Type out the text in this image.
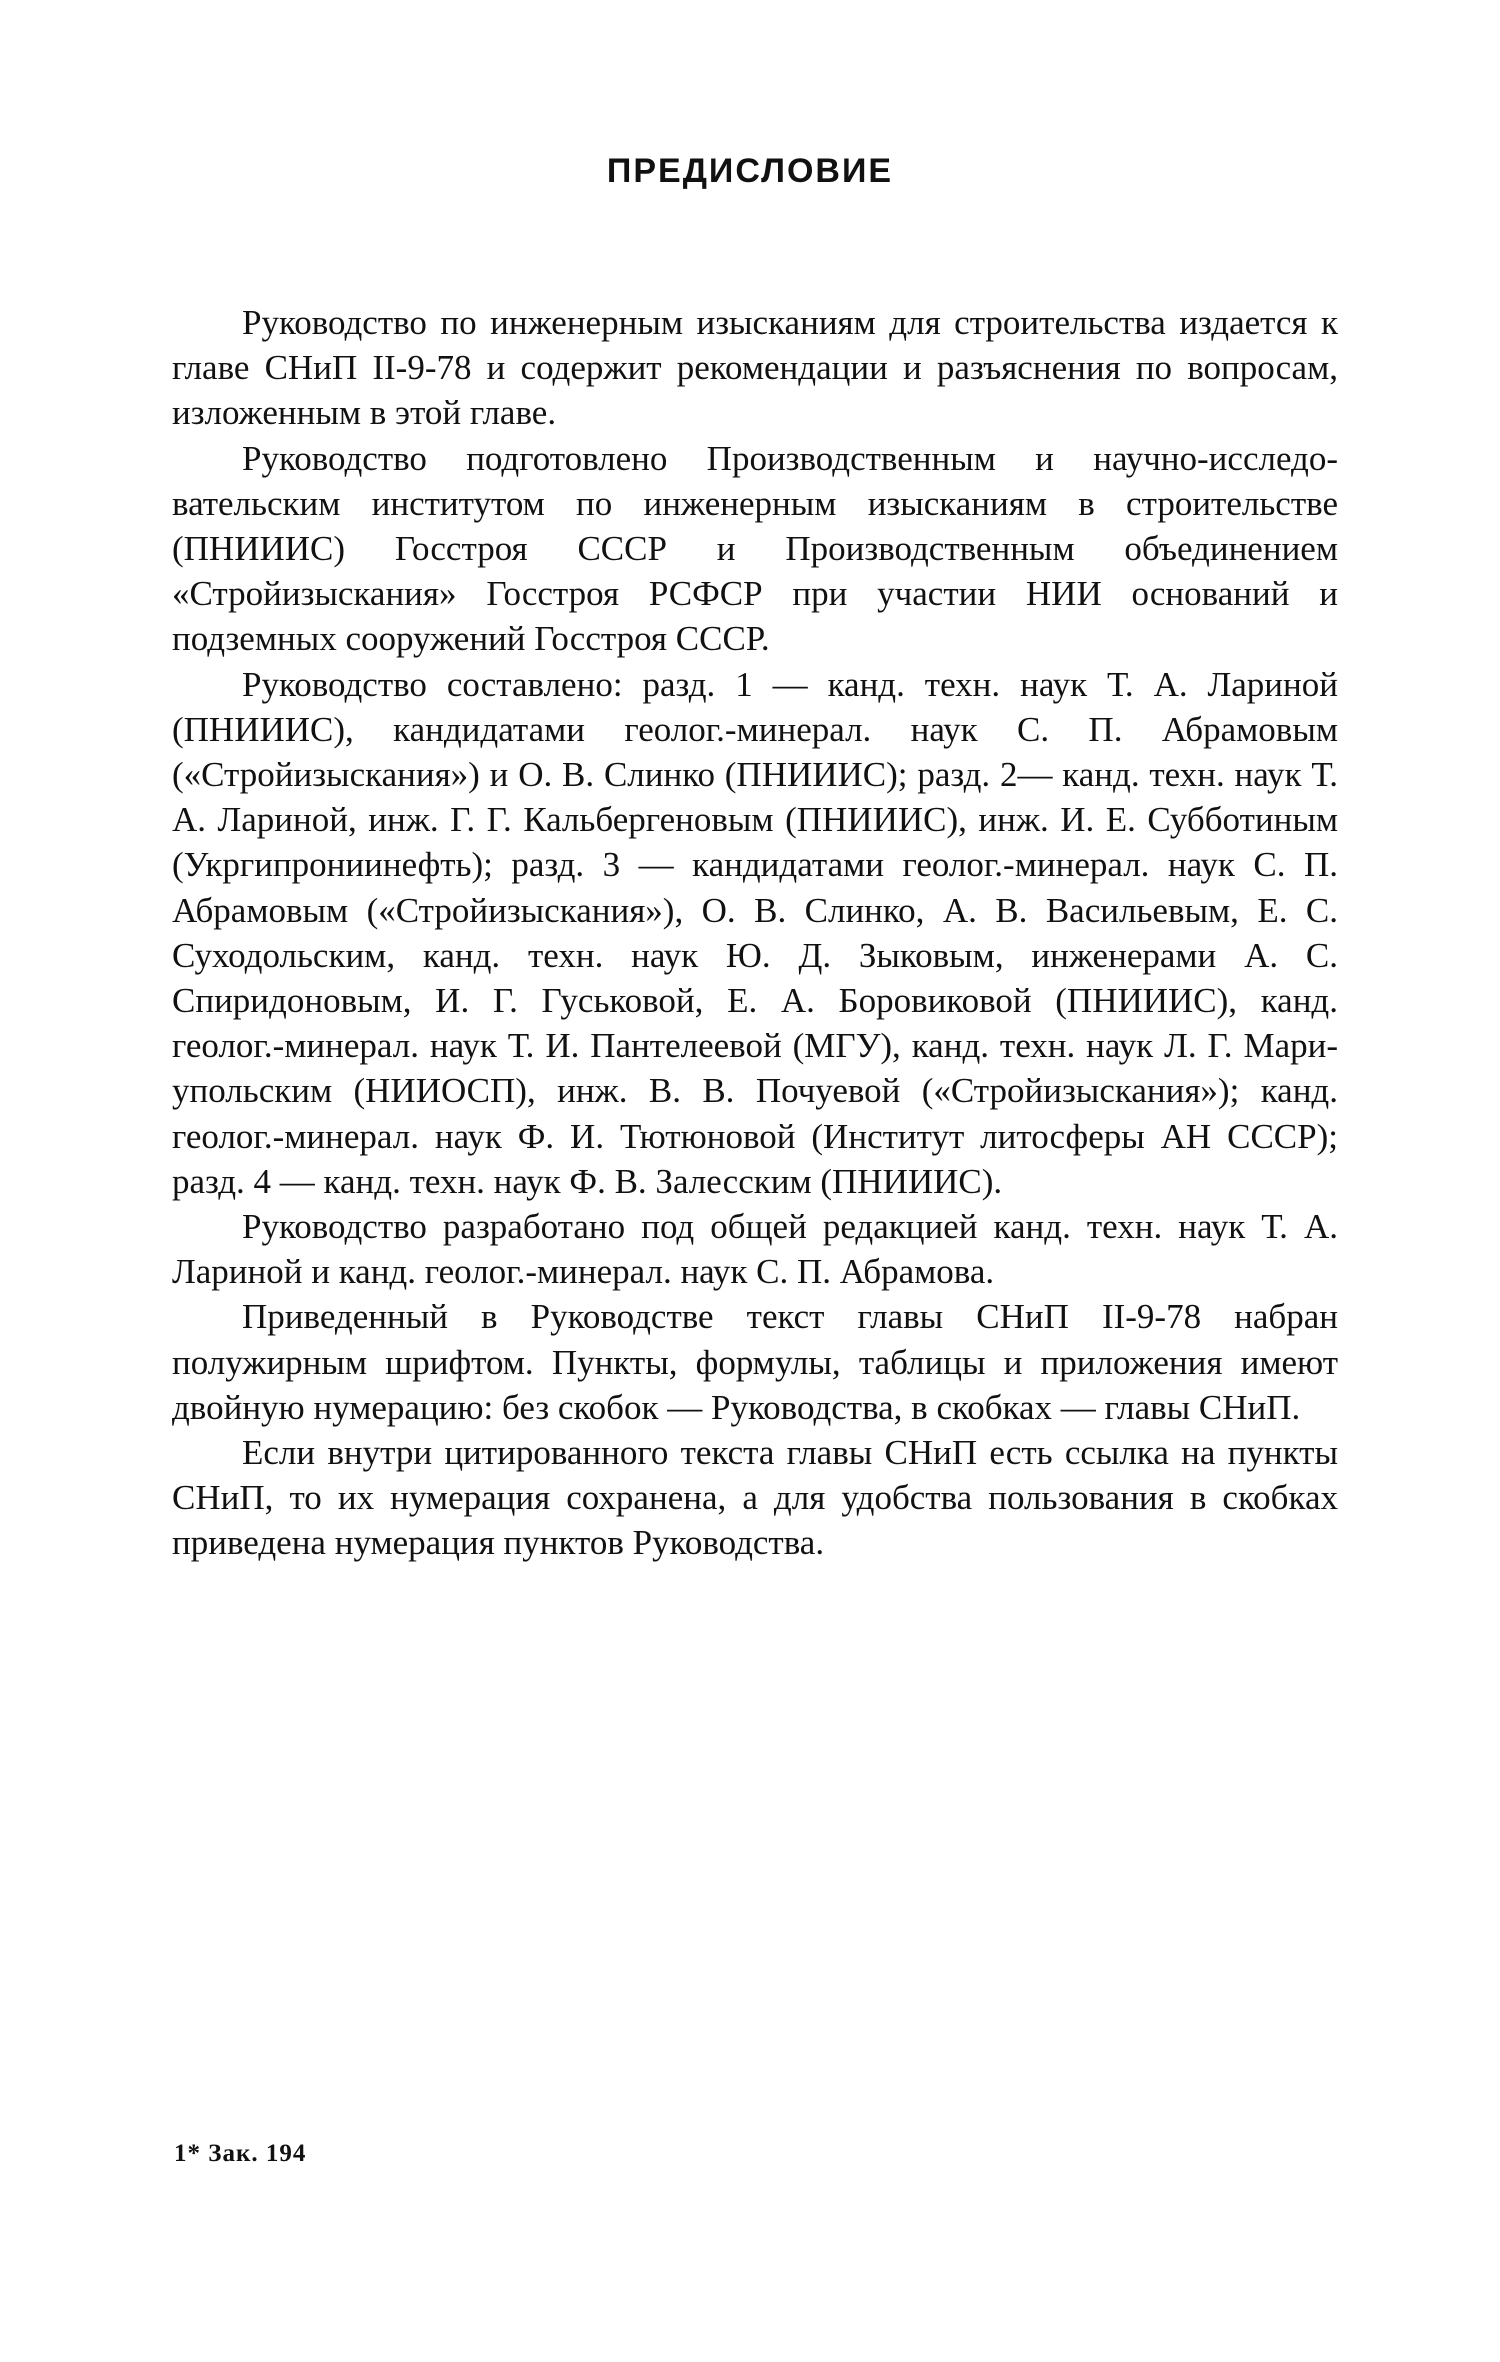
ПРЕДИСЛОВИЕ

Руководство по инженерным изысканиям для строительства издается к главе СНиП II-9-78 и содержит рекомендации и разъяснения по вопросам, изложенным в этой главе.

Руководство подготовлено Производственным и научно-исследовательским институтом по инженерным изысканиям в строительстве (ПНИИИС) Госстроя СССР и Производственным объединением «Стройизыскания» Госстроя РСФСР при участии НИИ оснований и подземных сооружений Госстроя СССР.

Руководство составлено: разд. 1 — канд. техн. наук Т. А. Лариной (ПНИИИС), кандидатами геолог.-минерал. наук С. П. Абрамовым («Стройизыскания») и О. В. Слинко (ПНИИИС); разд. 2— канд. техн. наук Т. А. Лариной, инж. Г. Г. Кальбергеновым (ПНИИИС), инж. И. Е. Субботиным (Укргипрониинефть); разд. 3 — кандидатами геолог.-минерал. наук С. П. Абрамовым («Стройизыскания»), О. В. Слинко, А. В. Васильевым, Е. С. Суходольским, канд. техн. наук Ю. Д. Зыковым, инженерами А. С. Спиридоновым, И. Г. Гуськовой, Е. А. Боровиковой (ПНИИИС), канд. геолог.-минерал. наук Т. И. Пантелеевой (МГУ), канд. техн. наук Л. Г. Мариупольским (НИИОСП), инж. В. В. Почуевой («Стройизыскания»); канд. геолог.-минерал. наук Ф. И. Тютюновой (Институт литосферы АН СССР); разд. 4 — канд. техн. наук Ф. В. Залесским (ПНИИИС).

Руководство разработано под общей редакцией канд. техн. наук Т. А. Лариной и канд. геолог.-минерал. наук С. П. Абрамова.

Приведенный в Руководстве текст главы СНиП II-9-78 набран полужирным шрифтом. Пункты, формулы, таблицы и приложения имеют двойную нумерацию: без скобок — Руководства, в скобках — главы СНиП.

Если внутри цитированного текста главы СНиП есть ссылка на пункты СНиП, то их нумерация сохранена, а для удобства пользования в скобках приведена нумерация пунктов Руководства.

1* Зак. 194
